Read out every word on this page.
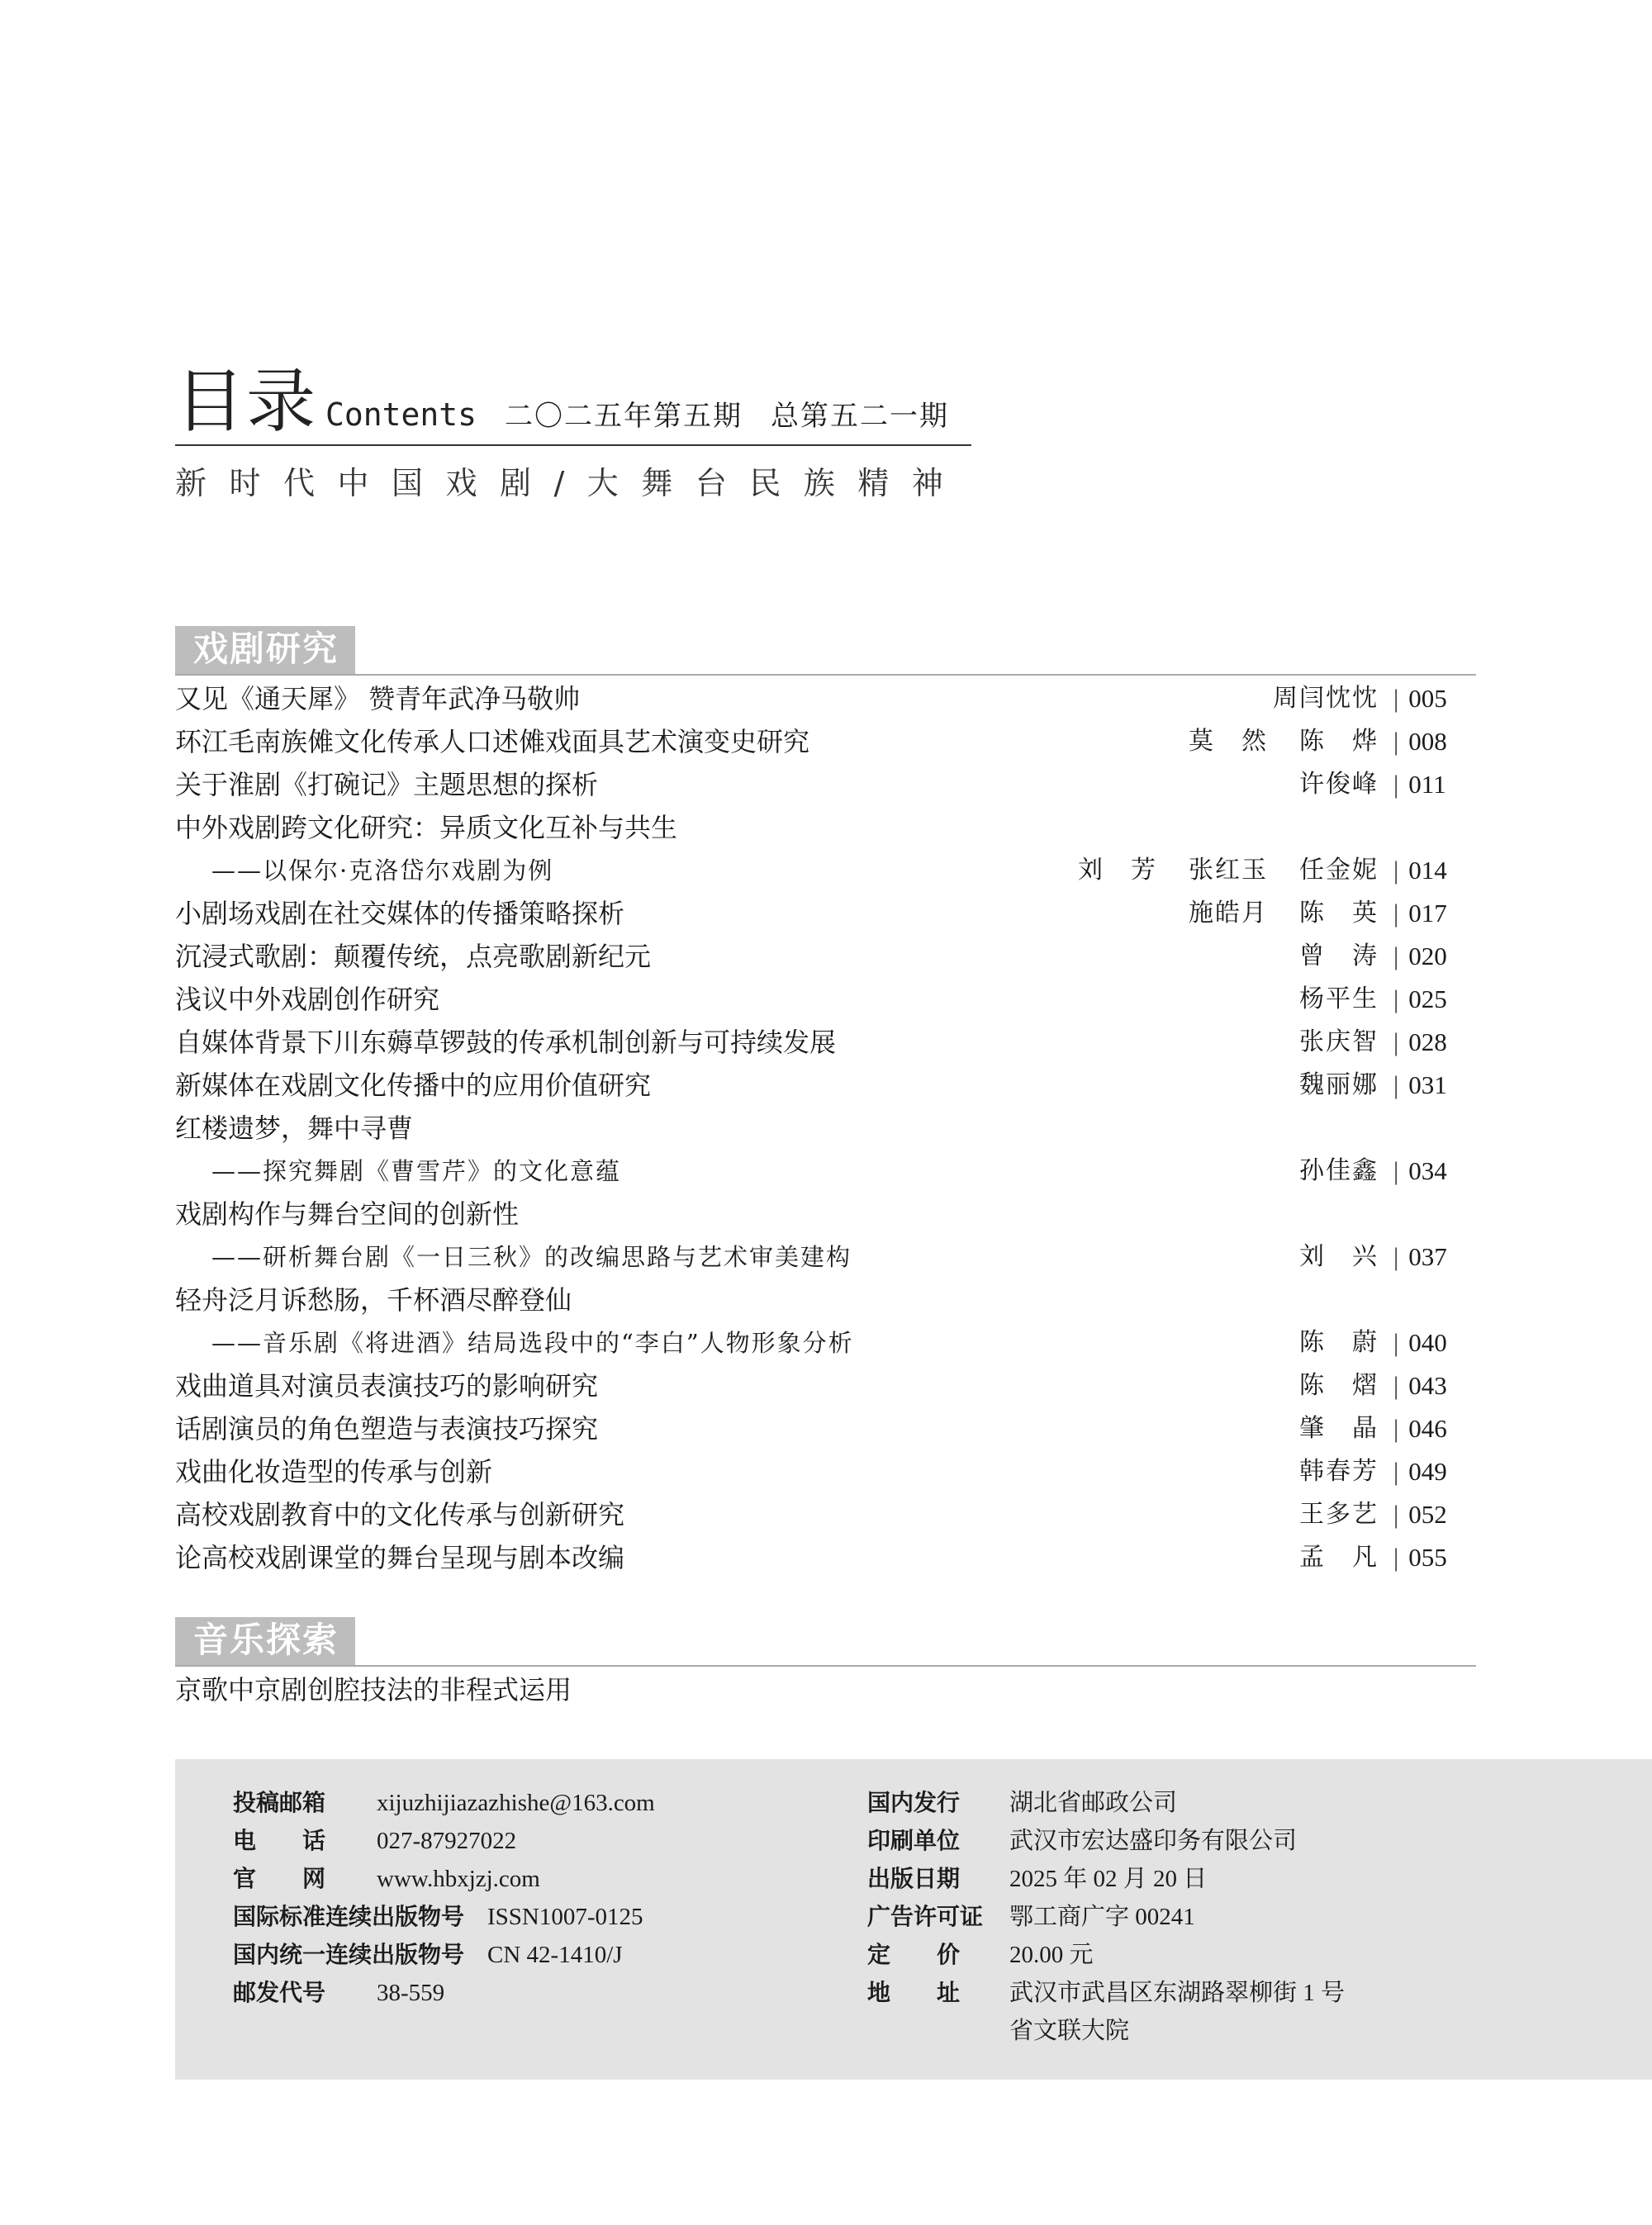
目录 Contents 二〇二五年第五期 总第五二一期
新时代中国戏剧/大舞台民族精神
戏剧研究
又见《通天犀》 赞青年武净马敬帅	周闫忱忱	| 005
环江毛南族傩文化传承人口述傩戏面具艺术演变史研究	莫　然 陈　烨	| 008
关于淮剧《打碗记》主题思想的探析	许俊峰	| 011
中外戏剧跨文化研究：异质文化互补与共生
——以保尔·克洛岱尔戏剧为例	刘　芳 张红玉 任金妮	| 014
小剧场戏剧在社交媒体的传播策略探析	施皓月 陈　英	| 017
沉浸式歌剧：颠覆传统，点亮歌剧新纪元	曾　涛	| 020
浅议中外戏剧创作研究	杨平生	| 025
自媒体背景下川东薅草锣鼓的传承机制创新与可持续发展	张庆智	| 028
新媒体在戏剧文化传播中的应用价值研究	魏丽娜	| 031
红楼遗梦，舞中寻曹
——探究舞剧《曹雪芹》的文化意蕴	孙佳鑫	| 034
戏剧构作与舞台空间的创新性
——研析舞台剧《一日三秋》的改编思路与艺术审美建构	刘　兴	| 037
轻舟泛月诉愁肠，千杯酒尽醉登仙
——音乐剧《将进酒》结局选段中的“李白”人物形象分析	陈　蔚	| 040
戏曲道具对演员表演技巧的影响研究	陈　熠	| 043
话剧演员的角色塑造与表演技巧探究	肇　晶	| 046
戏曲化妆造型的传承与创新	韩春芳	| 049
高校戏剧教育中的文化传承与创新研究	王多艺	| 052
论高校戏剧课堂的舞台呈现与剧本改编	孟　凡	| 055
音乐探索
京歌中京剧创腔技法的非程式运用
投稿邮箱 xijuzhijiazazhishe@163.com
电　　话 027-87927022
官　　网 www.hbxjzj.com
国际标准连续出版物号 ISSN1007-0125
国内统一连续出版物号 CN 42-1410/J
邮发代号 38-559
国内发行 湖北省邮政公司
印刷单位 武汉市宏达盛印务有限公司
出版日期 2025 年 02 月 20 日
广告许可证 鄂工商广字 00241
定　　价 20.00 元
地　　址 武汉市武昌区东湖路翠柳街 1 号
省文联大院
